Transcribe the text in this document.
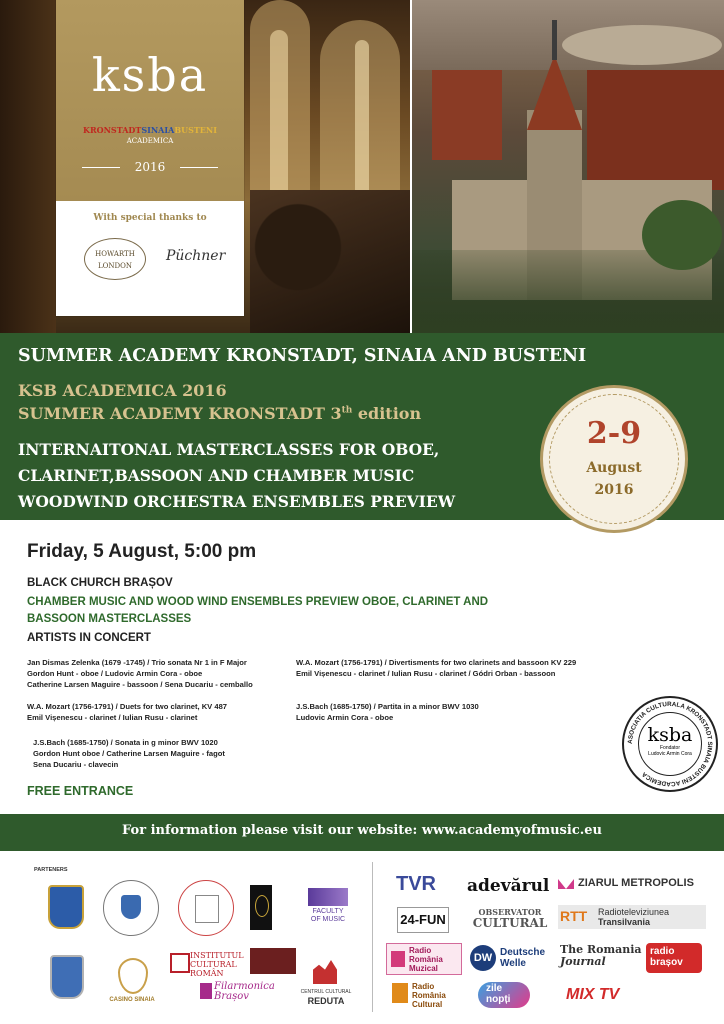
ksba
KRONSTADTSINAIABUSTENI
ACADEMICA
2016
With special thanks to
HOWARTH
LONDON
Püchner
SUMMER ACADEMY KRONSTADT, SINAIA AND BUSTENI
KSB ACADEMICA 2016
SUMMER ACADEMY KRONSTADT 3th edition
INTERNAITONAL MASTERCLASSES FOR OBOE,
CLARINET,BASSOON AND CHAMBER MUSIC
WOODWIND ORCHESTRA ENSEMBLES PREVIEW
2-9
August
2016
Friday, 5 August, 5:00 pm
BLACK CHURCH BRAȘOV
CHAMBER MUSIC AND WOOD WIND ENSEMBLES PREVIEW OBOE, CLARINET AND
BASSOON MASTERCLASSES
ARTISTS IN CONCERT
Jan Dismas Zelenka (1679 -1745) / Trio sonata Nr 1 in F Major
Gordon Hunt - oboe / Ludovic Armin Cora - oboe
Catherine Larsen Maguire - bassoon / Sena Ducariu - cemballo
W.A. Mozart (1756-1791) / Divertisments for two clarinets and bassoon KV 229
Emil Vișenescu - clarinet / Iulian Rusu - clarinet / Gódri Orban - bassoon
W.A. Mozart (1756-1791) / Duets for two clarinet, KV 487
Emil Vișenescu - clarinet / Iulian Rusu - clarinet
J.S.Bach (1685-1750) / Partita in a minor BWV 1030
Ludovic Armin Cora - oboe
J.S.Bach (1685-1750) / Sonata in g minor BWV 1020
Gordon Hunt oboe / Catherine Larsen Maguire - fagot
Sena Ducariu - clavecin
FREE ENTRANCE
ASOCIATIA CULTURALA KRONSTADT SINAIA BUSTENI ACADEMICA
ksba
Fondator
Ludovic Armin Cora
For information please visit our website: www.academyofmusic.eu
PARTENERS
FACULTY
OF MUSIC
CASINO SINAIA
INSTITUTUL
CULTURAL
ROMÂN
Filarmonica
Brașov	CENTRUL CULTURAL
REDUTA
TVR adevărul	ZIARUL METROPOLIS
24-FUN	OBSERVATOR
CULTURAL RTT Radioteleviziunea
Transilvania
Radio
România
Muzical
DW Deutsche
Welle
The Romania
Journal
radio
brașov
Radio
România
Cultural
zile
nopți	MIX TV
